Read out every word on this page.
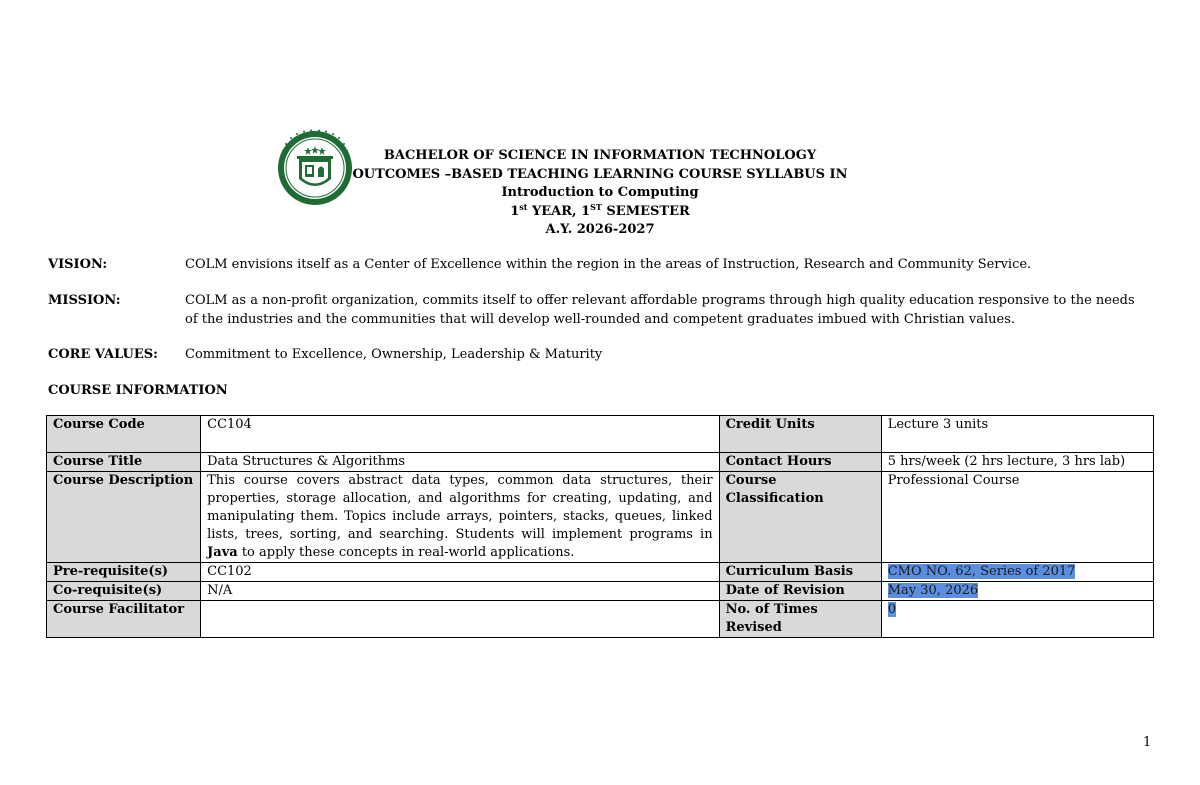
BACHELOR OF SCIENCE IN INFORMATION TECHNOLOGY
OUTCOMES –BASED TEACHING LEARNING COURSE SYLLABUS IN
Introduction to Computing
1st YEAR, 1ST SEMESTER
A.Y. 2026-2027
VISION:	COLM envisions itself as a Center of Excellence within the region in the areas of Instruction, Research and Community Service.
MISSION:	COLM as a non-profit organization, commits itself to offer relevant affordable programs through high quality education responsive to the needs of the industries and the communities that will develop well-rounded and competent graduates imbued with Christian values.
CORE VALUES: Commitment to Excellence, Ownership, Leadership & Maturity
COURSE INFORMATION
Course Code	CC104	Credit Units	Lecture 3 units
Course Title	Data Structures & Algorithms	Contact Hours	5 hrs/week (2 hrs lecture, 3 hrs lab)
Course Description	This course covers abstract data types, common data structures, their properties, storage allocation, and algorithms for creating, updating, and manipulating them. Topics include arrays, pointers, stacks, queues, linked lists, trees, sorting, and searching. Students will implement programs in Java to apply these concepts in real-world applications.	Course Classification	Professional Course
Pre-requisite(s)	CC102	Curriculum Basis	CMO NO. 62, Series of 2017
Co-requisite(s)	N/A	Date of Revision	May 30, 2026
Course Facilitator		No. of Times Revised	0
1
